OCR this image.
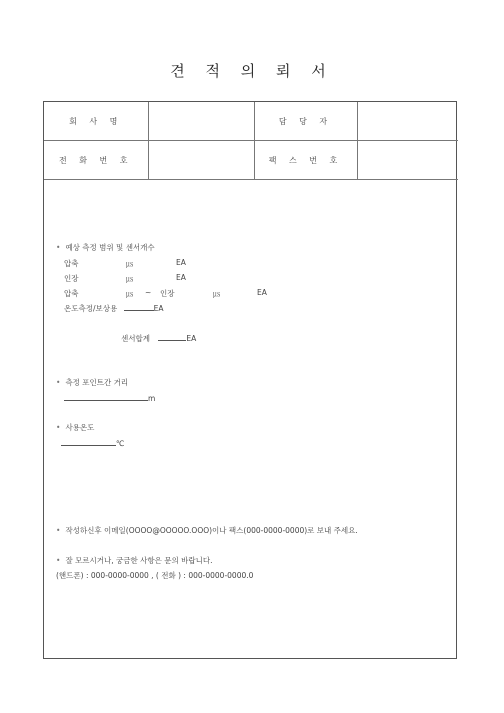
견 적 의 뢰 서
회 사 명		담 당 자	
전 화 번 호		팩 스 번 호	
• 예상 측정 범위 및 센서개수
압축	㎲	EA
인장	㎲	EA
압축	㎲ ~ 인장	㎲	EA
온도측정/보상용	EA
센서합계	EA
• 측정 포인트간 거리
m
• 사용온도
℃
• 작성하신후 이메일(OOOO@OOOOO.OOO)이나 팩스(000-0000-0000)로 보내 주세요.
• 잘 모르시거나, 궁금한 사항은 문의 바랍니다.
(핸드폰) : 000-0000-0000 , ( 전화 ) : 000-0000-0000.0
